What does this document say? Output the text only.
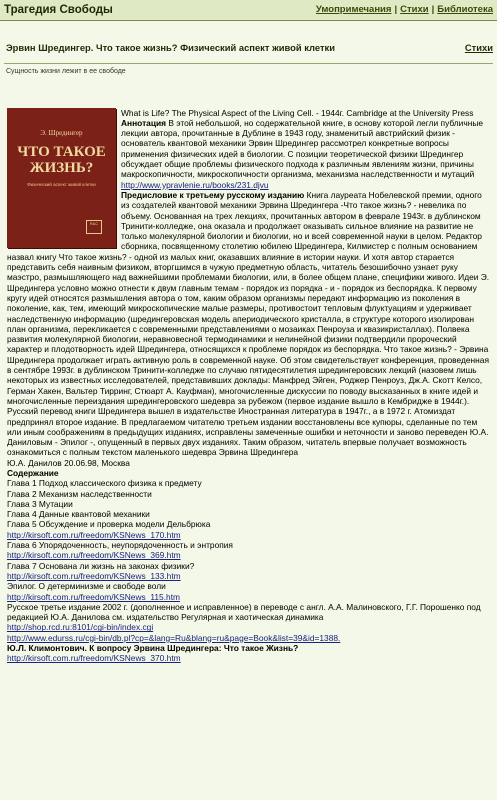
Трагедия Свободы	Умопримечания | Стихи | Библиотека
Эрвин Шредингер. Что такое жизнь? Физический аспект живой клетки	Стихи
Сущность жизни лежит в ее свободе
Э. Шредингер
ЧТО ТАКОЕ ЖИЗНЬ?
Физический аспект живой клетки
R&C
What is Life? The Physical Aspect of the Living Cell. - 1944г. Cambridge at the University Press
Аннотация В этой небольшой, но содержательной книге, в основу которой легли публичные лекции автора, прочитанные в Дублине в 1943 году, знаменитый австрийский физик - основатель квантовой механики Эрвин Шредингер рассмотрел конкретные вопросы применения физических идей в биологии. С позиции теоретической физики Шредингер обсуждает общие проблемы физического подхода к различным явлениям жизни, причины макроскопичности, микроскопичности организма, механизма наследственности и мутаций
http://www.ypravlenie.ru/books/231.djvu
Предисловие к третьему русскому изданию Книга лауреата Нобелевской премии, одного из создателей квантовой механики Эрвина Шредингера -Что такое жизнь? - невелика по объему. Основанная на трех лекциях, прочитанных автором в феврале 1943г. в дублинском Тринити-колледже, она оказала и продолжает оказывать сильное влияние на развитие не только молекулярной биологии и биологии, но и всей современной науки в целом. Редактор сборника, посвященному столетию юбилею Шредингера, Килмистер с полным основанием назвал книгу Что такое жизнь? - одной из малых книг, оказавших влияние в истории науки. И хотя автор старается представить себя наивным физиком, вторгшимся в чужую предметную область, читатель безошибочно узнает руку маэстро, размышляющего над важнейшими проблемами биологии, или, в более общем плане, специфики живого. Идеи Э. Шредингера условно можно отнести к двум главным темам - порядок из порядка - и - порядок из беспорядка. К первому кругу идей относятся размышления автора о том, каким образом организмы передают информацию из поколения в поколение, как, тем, имеющий микроскопические малые размеры, противостоит тепловым флуктуациям и удерживает наследственную информацию (шредингеровская модель апериодического кристалла, в структуре которого изолирован план организма, перекликается с современными представлениями о мозаиках Пенроуза и квазикристаллах). Полвека развития молекулярной биологии, неравновесной термодинамики и нелинейной физики подтвердили пророческий характер и плодотворность идей Шредингера, относящихся к проблеме порядок из беспорядка. Что такое жизнь? - Эрвина Шредингера продолжает играть активную роль в современной науке. Об этом свидетельствует конференция, проведенная в сентябре 1993г. в дублинском Тринити-колледже по случаю пятидесятилетия шредингеровских лекций (назовем лишь некоторых из известных исследователей, представивших доклады: Манфред Эйген, Роджер Пенроуз, Дж.А. Скотт Келсо, Герман Хакен, Вальтер Тирринг, Стюарт А. Кауфман), многочисленные дискуссии по поводу высказанных в книге идей и многочисленные переиздания шредингеровского шедевра за рубежом (первое издание вышло в Кембридже в 1944г.). Русский перевод книги Шредингера вышел в издательстве Иностранная литература в 1947г., а в 1972 г. Атомиздат предпринял второе издание. В предлагаемом читателю третьем издании восстановлены все купюры, сделанные по тем или иным соображениям в предыдущих изданиях, исправлены замеченные ошибки и неточности и заново переведен Ю.А. Даниловым - Эпилог -, опущенный в первых двух изданиях. Таким образом, читатель впервые получает возможность ознакомиться с полным текстом маленького шедевра Эрвина Шредингера
Ю.А. Данилов 20.06.98, Москва
Содержание
Глава 1 Подход классического физика к предмету
Глава 2 Механизм наследственности
Глава 3 Мутации
Глава 4 Данные квантовой механики
Глава 5 Обсуждение и проверка модели Дельбрюка
http://kirsoft.com.ru/freedom/KSNews_170.htm
Глава 6 Упорядоченность, неупорядоченность и энтропия
http://kirsoft.com.ru/freedom/KSNews_369.htm
Глава 7 Основана ли жизнь на законах физики?
http://kirsoft.com.ru/freedom/KSNews_133.htm
Эпилог. О детерминизме и свободе воли
http://kirsoft.com.ru/freedom/KSNews_115.htm
Русское третье издание 2002 г. (дополненное и исправленное) в переводе с англ. А.А. Малиновского, Г.Г. Порошенко под редакцией Ю.А. Данилова см. издательство Регулярная и хаотическая динамика
http://shop.rcd.ru:8101/cgi-bin/index.cgi
http://www.edurss.ru/cgi-bin/db.pl?cp=&lang=Ru&blang=ru&page=Book&list=39&id=1388.
Ю.Л. Климонтович. К вопросу Эрвина Шредингера: Что такое Жизнь?
http://kirsoft.com.ru/freedom/KSNews_370.htm
